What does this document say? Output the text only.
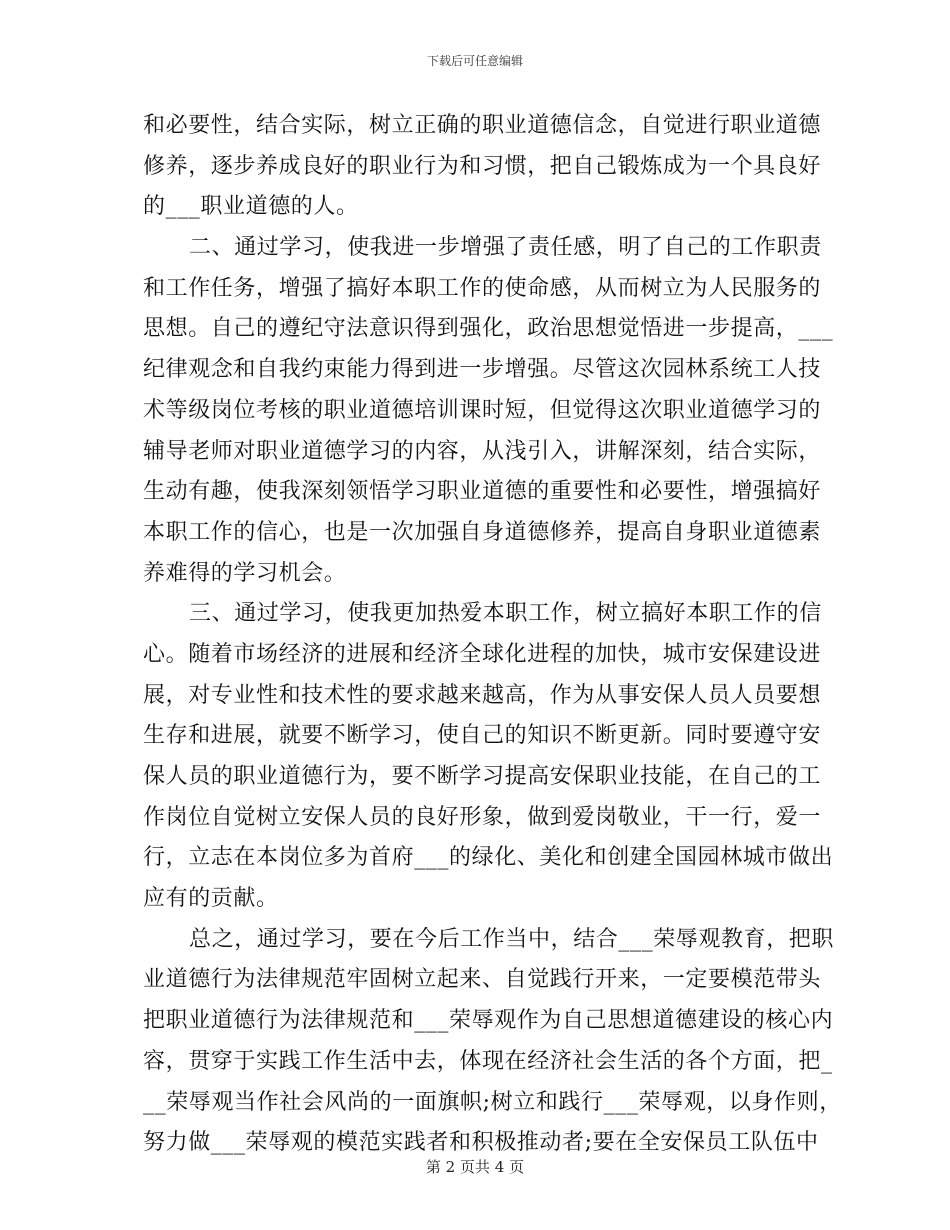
下载后可任意编辑
和必要性，结合实际，树立正确的职业道德信念，自觉进行职业道德
修养，逐步养成良好的职业行为和习惯，把自己锻炼成为一个具良好
的___职业道德的人。
二、通过学习，使我进一步增强了责任感，明了自己的工作职责
和工作任务，增强了搞好本职工作的使命感，从而树立为人民服务的
思想。自己的遵纪守法意识得到强化，政治思想觉悟进一步提高，___
纪律观念和自我约束能力得到进一步增强。尽管这次园林系统工人技
术等级岗位考核的职业道德培训课时短，但觉得这次职业道德学习的
辅导老师对职业道德学习的内容，从浅引入，讲解深刻，结合实际，
生动有趣，使我深刻领悟学习职业道德的重要性和必要性，增强搞好
本职工作的信心，也是一次加强自身道德修养，提高自身职业道德素
养难得的学习机会。
三、通过学习，使我更加热爱本职工作，树立搞好本职工作的信
心。随着市场经济的进展和经济全球化进程的加快，城市安保建设进
展，对专业性和技术性的要求越来越高，作为从事安保人员人员要想
生存和进展，就要不断学习，使自己的知识不断更新。同时要遵守安
保人员的职业道德行为，要不断学习提高安保职业技能，在自己的工
作岗位自觉树立安保人员的良好形象，做到爱岗敬业，干一行，爱一
行，立志在本岗位多为首府___的绿化、美化和创建全国园林城市做出
应有的贡献。
总之，通过学习，要在今后工作当中，结合___荣辱观教育，把职
业道德行为法律规范牢固树立起来、自觉践行开来，一定要模范带头
把职业道德行为法律规范和___荣辱观作为自己思想道德建设的核心内
容，贯穿于实践工作生活中去，体现在经济社会生活的各个方面，把_
__荣辱观当作社会风尚的一面旗帜;树立和践行___荣辱观，以身作则，
努力做___荣辱观的模范实践者和积极推动者;要在全安保员工队伍中
第 2 页共 4 页
